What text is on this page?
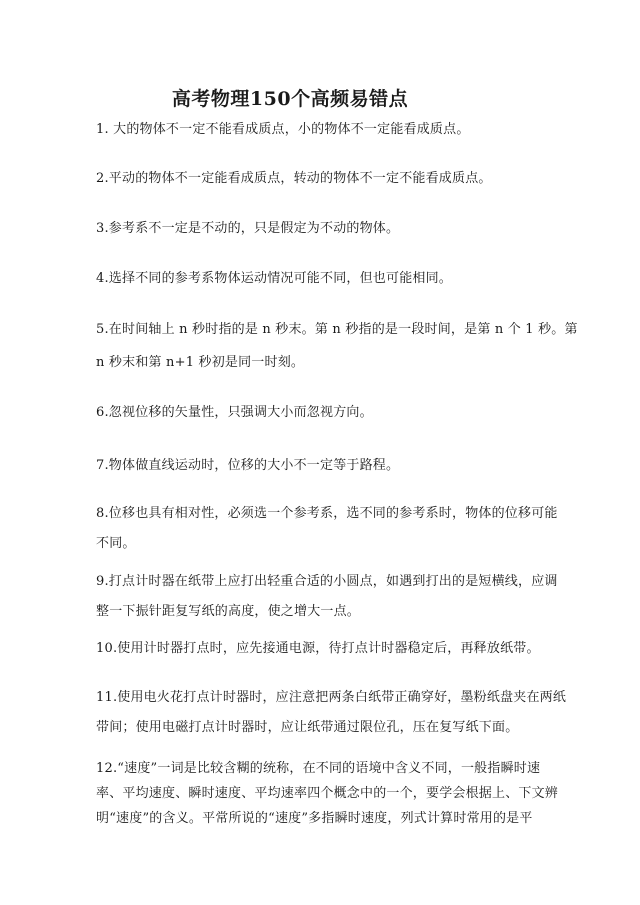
高考物理150个高频易错点

1. 大的物体不一定不能看成质点，小的物体不一定能看成质点。

2.平动的物体不一定能看成质点，转动的物体不一定不能看成质点。

3.参考系不一定是不动的，只是假定为不动的物体。

4.选择不同的参考系物体运动情况可能不同，但也可能相同。

5.在时间轴上 n 秒时指的是 n 秒末。第 n 秒指的是一段时间，是第 n 个 1 秒。第

n 秒末和第 n+1 秒初是同一时刻。

6.忽视位移的矢量性，只强调大小而忽视方向。

7.物体做直线运动时，位移的大小不一定等于路程。

8.位移也具有相对性，必须选一个参考系，选不同的参考系时，物体的位移可能

不同。

9.打点计时器在纸带上应打出轻重合适的小圆点，如遇到打出的是短横线，应调

整一下振针距复写纸的高度，使之增大一点。

10.使用计时器打点时，应先接通电源，待打点计时器稳定后，再释放纸带。

11.使用电火花打点计时器时，应注意把两条白纸带正确穿好，墨粉纸盘夹在两纸

带间；使用电磁打点计时器时，应让纸带通过限位孔，压在复写纸下面。

12.“速度”一词是比较含糊的统称，在不同的语境中含义不同，一般指瞬时速

率、平均速度、瞬时速度、平均速率四个概念中的一个，要学会根据上、下文辨

明“速度”的含义。平常所说的“速度”多指瞬时速度，列式计算时常用的是平
